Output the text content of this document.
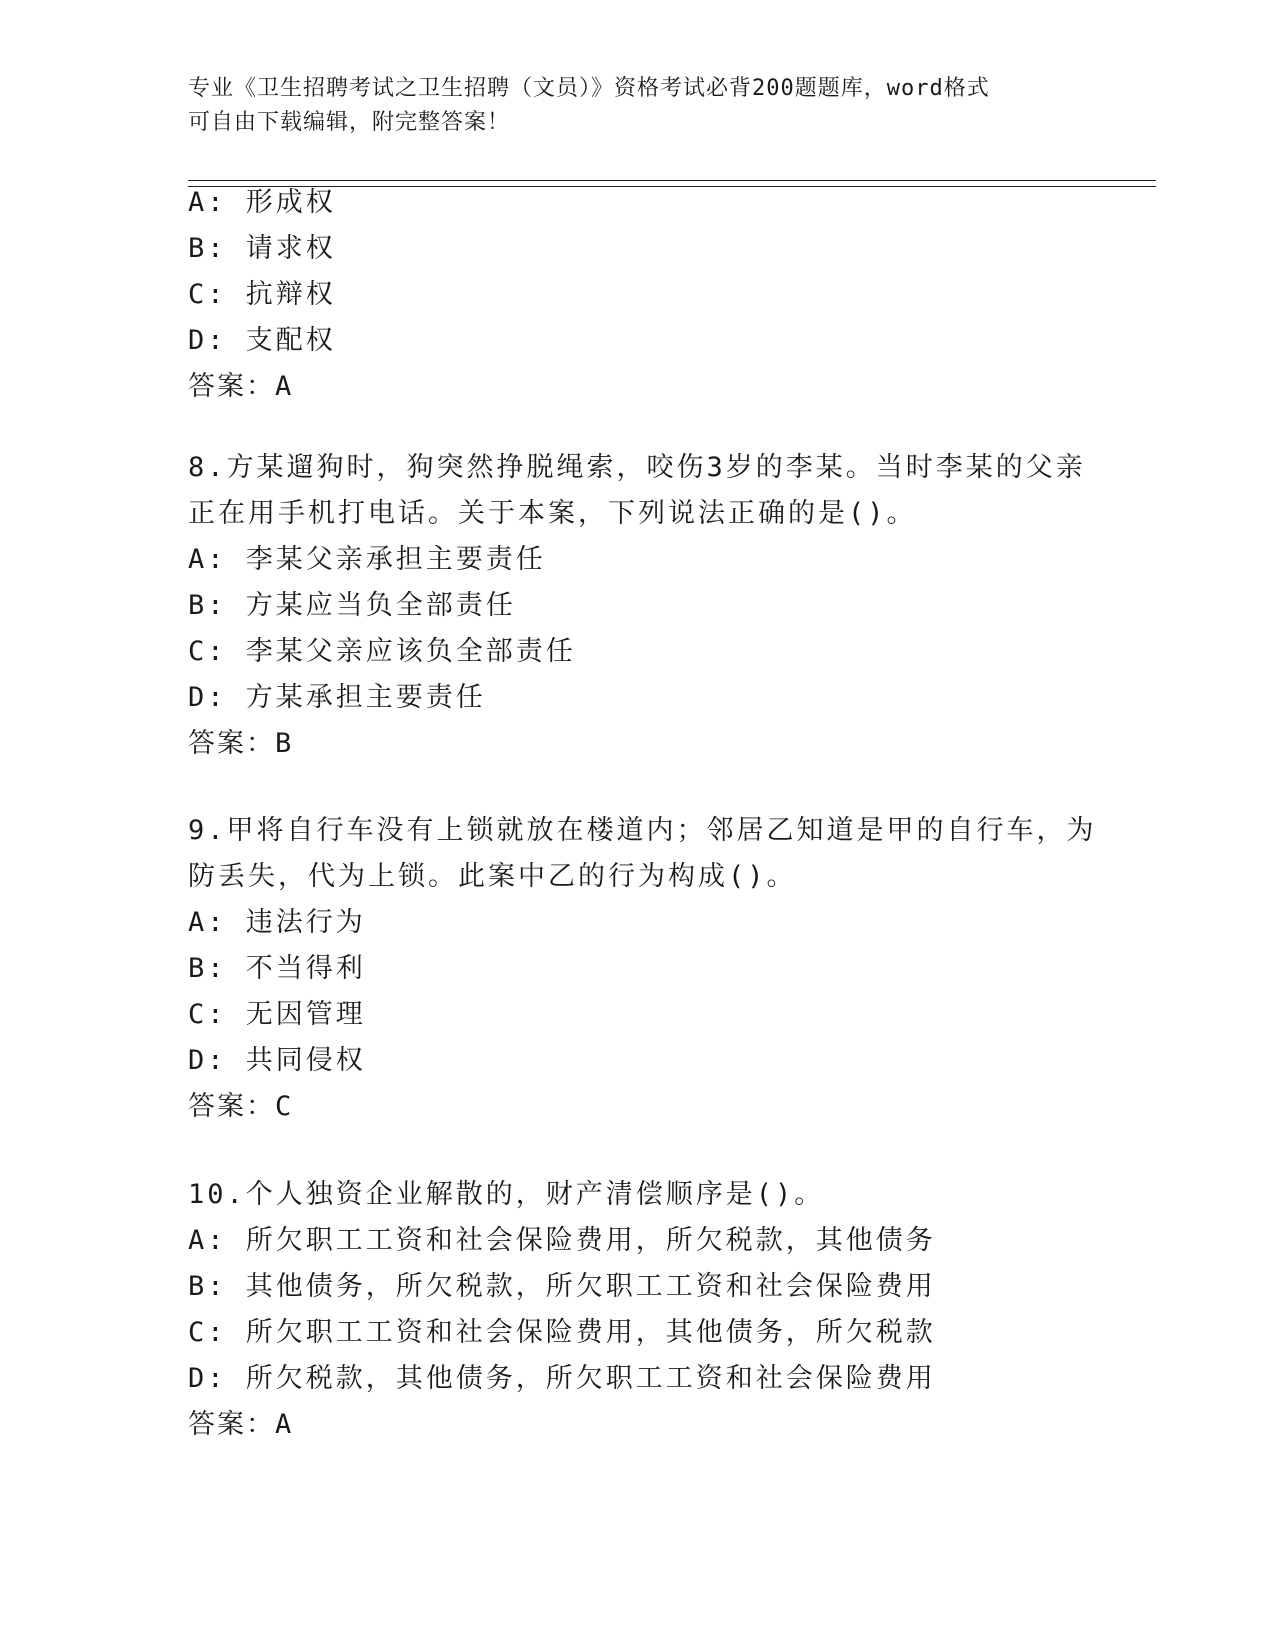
专业《卫生招聘考试之卫生招聘（文员）》资格考试必背200题题库，word格式
可自由下载编辑，附完整答案！
A: 形成权
B: 请求权
C: 抗辩权
D: 支配权
答案：A
8.方某遛狗时，狗突然挣脱绳索，咬伤3岁的李某。当时李某的父亲
正在用手机打电话。关于本案，下列说法正确的是()。
A: 李某父亲承担主要责任
B: 方某应当负全部责任
C: 李某父亲应该负全部责任
D: 方某承担主要责任
答案：B
9.甲将自行车没有上锁就放在楼道内；邻居乙知道是甲的自行车，为
防丢失，代为上锁。此案中乙的行为构成()。
A: 违法行为
B: 不当得利
C: 无因管理
D: 共同侵权
答案：C
10.个人独资企业解散的，财产清偿顺序是()。
A: 所欠职工工资和社会保险费用，所欠税款，其他债务
B: 其他债务，所欠税款，所欠职工工资和社会保险费用
C: 所欠职工工资和社会保险费用，其他债务，所欠税款
D: 所欠税款，其他债务，所欠职工工资和社会保险费用
答案：A
